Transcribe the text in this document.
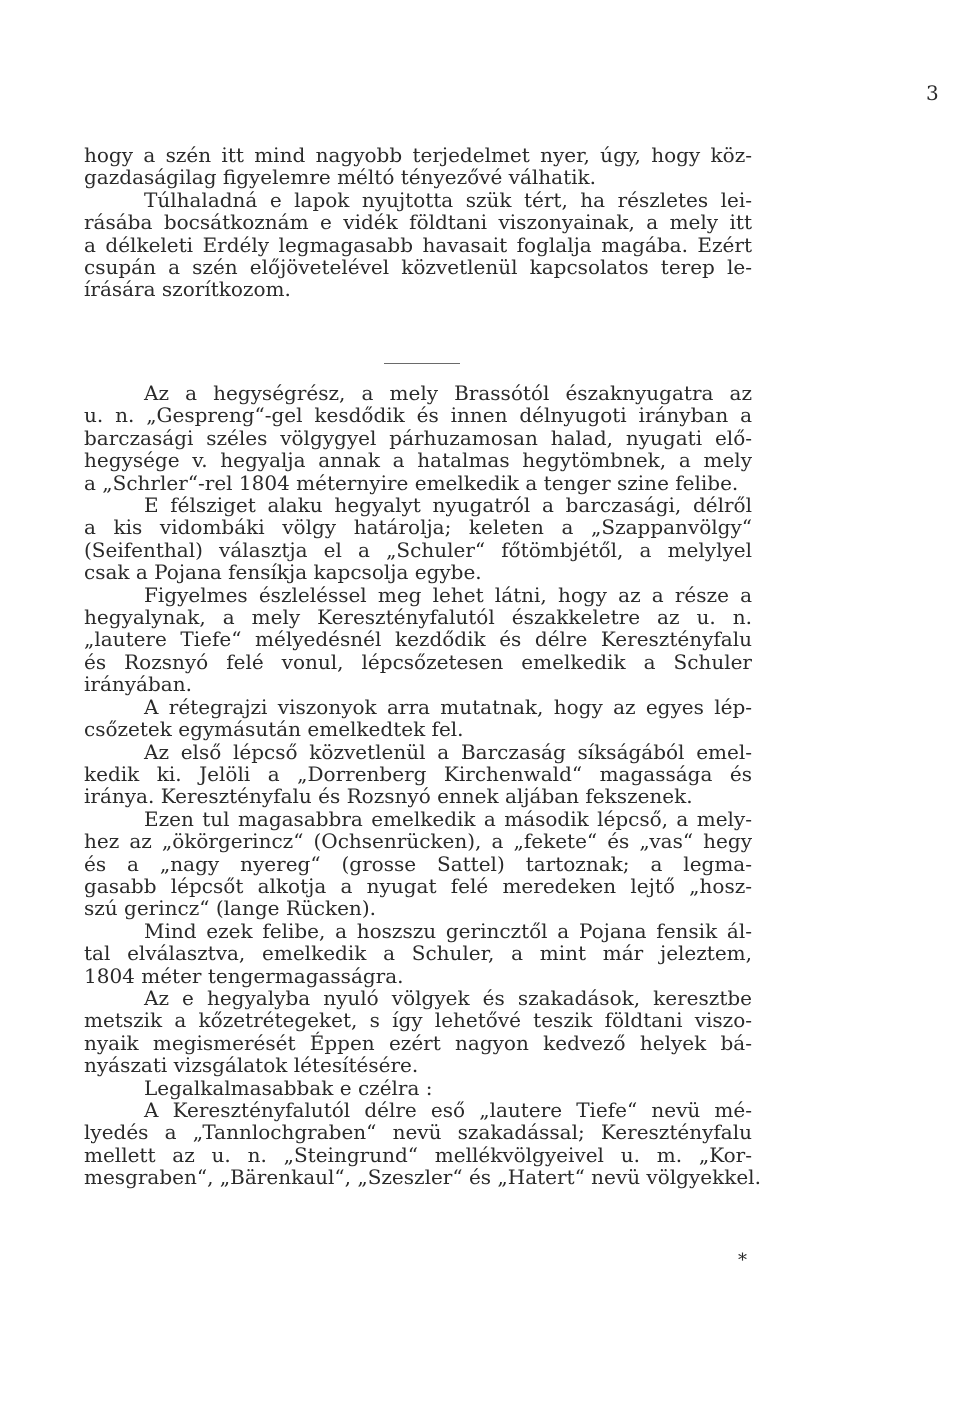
3
hogy a szén itt mind nagyobb terjedelmet nyer, úgy, hogy köz-
gazdaságilag figyelemre méltó tényezővé válhatik.
Túlhaladná e lapok nyujtotta szük tért, ha részletes lei-
rásába bocsátkoznám e vidék földtani viszonyainak, a mely itt
a délkeleti Erdély legmagasabb havasait foglalja magába. Ezért
csupán a szén előjövetelével közvetlenül kapcsolatos terep le-
írására szorítkozom.
Az a hegységrész, a mely Brassótól északnyugatra az
u. n. „Gespreng“-gel kesdődik és innen délnyugoti irányban a
barczasági széles völgygyel párhuzamosan halad, nyugati elő-
hegysége v. hegyalja annak a hatalmas hegytömbnek, a mely
a „Schrler“-rel 1804 méternyire emelkedik a tenger szine felibe.
E félsziget alaku hegyalyt nyugatról a barczasági, délről
a kis vidombáki völgy határolja; keleten a „Szappanvölgy“
(Seifenthal) választja el a „Schuler“ főtömbjétől, a melylyel
csak a Pojana fensíkja kapcsolja egybe.
Figyelmes észleléssel meg lehet látni, hogy az a része a
hegyalynak, a mely Keresztényfalutól északkeletre az u. n.
„lautere Tiefe“ mélyedésnél kezdődik és délre Keresztényfalu
és Rozsnyó felé vonul, lépcsőzetesen emelkedik a Schuler
irányában.
A rétegrajzi viszonyok arra mutatnak, hogy az egyes lép-
csőzetek egymásután emelkedtek fel.
Az első lépcső közvetlenül a Barczaság síkságából emel-
kedik ki. Jelöli a „Dorrenberg Kirchenwald“ magassága és
iránya. Keresztényfalu és Rozsnyó ennek aljában fekszenek.
Ezen tul magasabbra emelkedik a második lépcső, a mely-
hez az „ökörgerincz“ (Ochsenrücken), a „fekete“ és „vas“ hegy
és a „nagy nyereg“ (grosse Sattel) tartoznak; a legma-
gasabb lépcsőt alkotja a nyugat felé meredeken lejtő „hosz-
szú gerincz“ (lange Rücken).
Mind ezek felibe, a hoszszu gerincztől a Pojana fensik ál-
tal elválasztva, emelkedik a Schuler, a mint már jeleztem,
1804 méter tengermagasságra.
Az e hegyalyba nyuló völgyek és szakadások, keresztbe
metszik a kőzetrétegeket, s így lehetővé teszik földtani viszo-
nyaik megismerését Éppen ezért nagyon kedvező helyek bá-
nyászati vizsgálatok létesítésére.
Legalkalmasabbak e czélra :
A Keresztényfalutól délre eső „lautere Tiefe“ nevü mé-
lyedés a „Tannlochgraben“ nevü szakadással; Keresztényfalu
mellett az u. n. „Steingrund“ mellékvölgyeivel u. m. „Kor-
mesgraben“, „Bärenkaul“, „Szeszler“ és „Hatert“ nevü völgyekkel.
*
